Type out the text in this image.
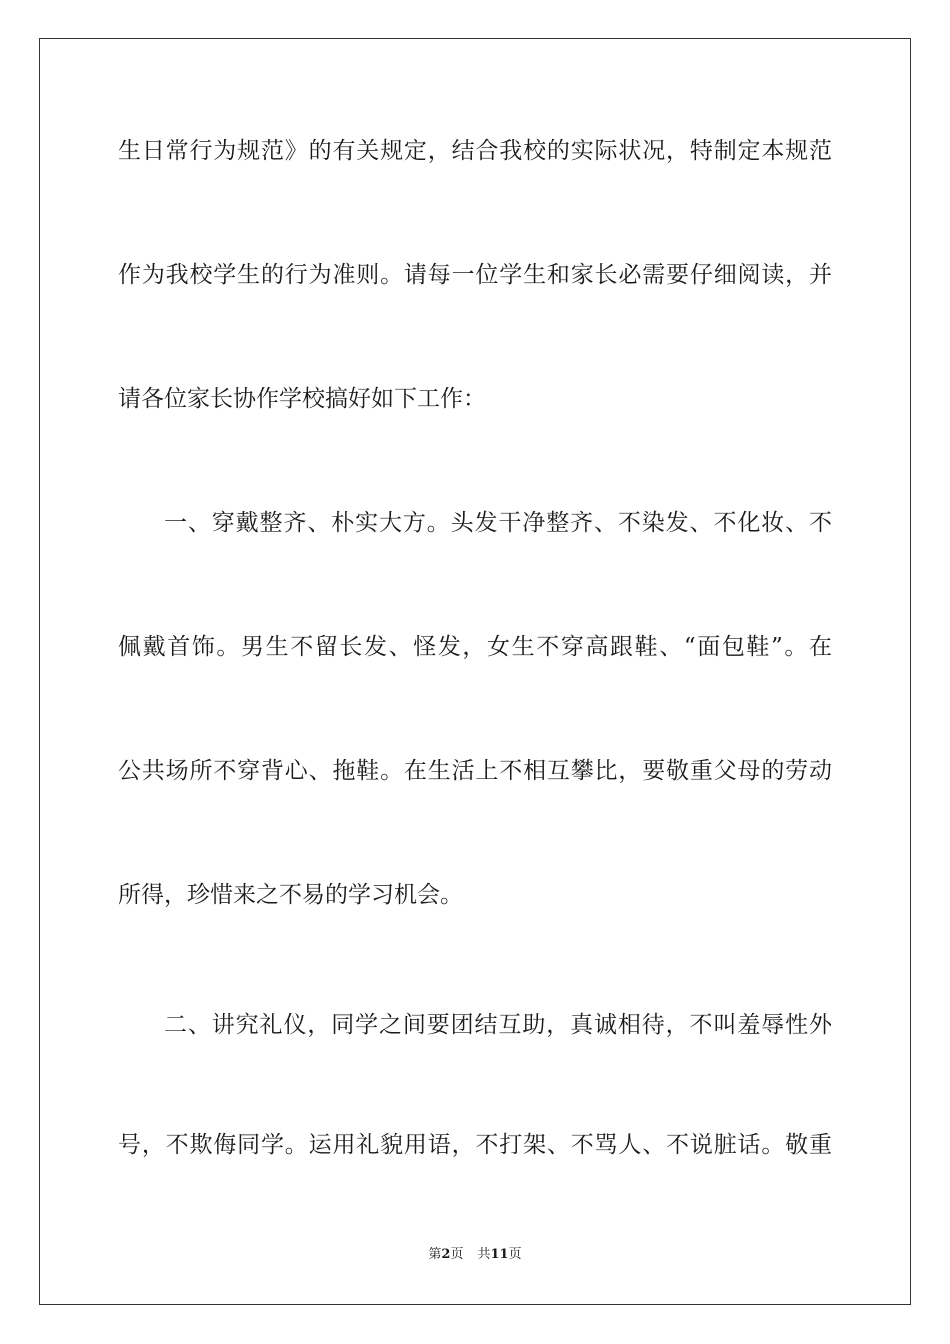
生日常行为规范》的有关规定，结合我校的实际状况，特制定本规范
作为我校学生的行为准则。请每一位学生和家长必需要仔细阅读，并
请各位家长协作学校搞好如下工作：
一、穿戴整齐、朴实大方。头发干净整齐、不染发、不化妆、不
佩戴首饰。男生不留长发、怪发，女生不穿高跟鞋、“面包鞋”。在
公共场所不穿背心、拖鞋。在生活上不相互攀比，要敬重父母的劳动
所得，珍惜来之不易的学习机会。
二、讲究礼仪，同学之间要团结互助，真诚相待，不叫羞辱性外
号，不欺侮同学。运用礼貌用语，不打架、不骂人、不说脏话。敬重
第2页 共11页
